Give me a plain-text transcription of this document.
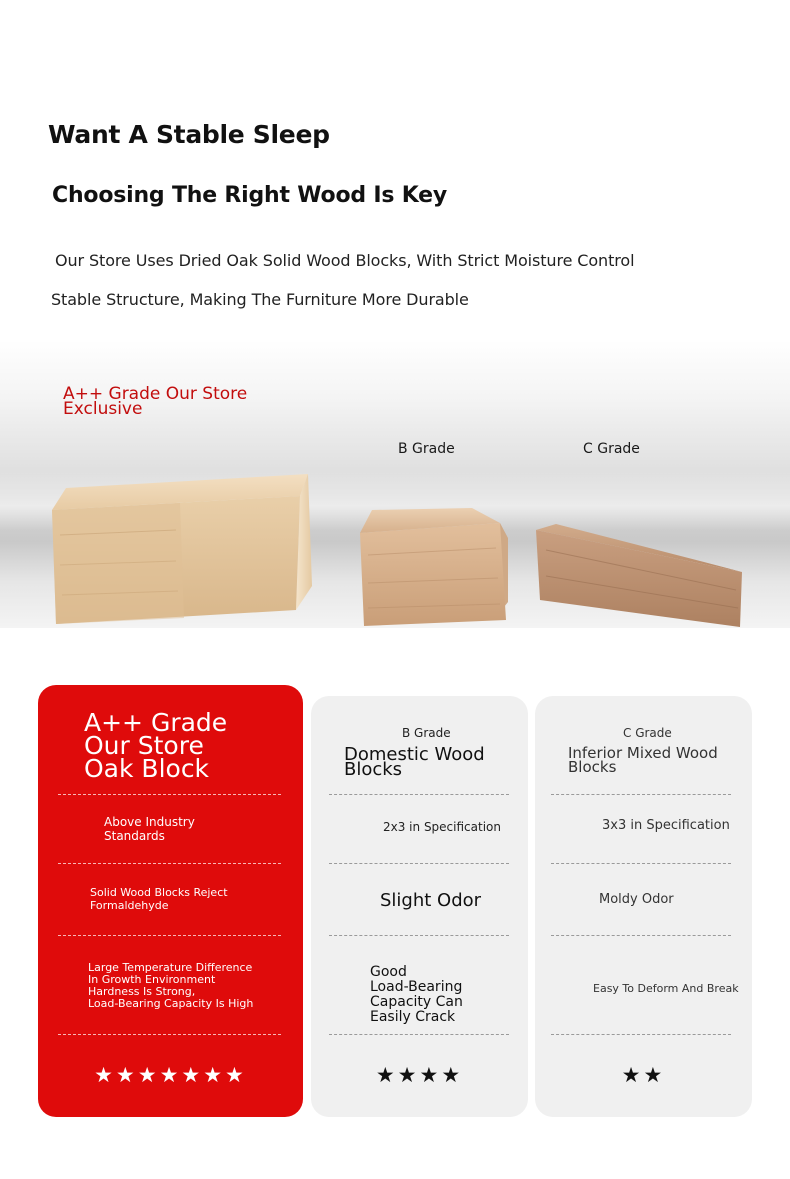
Want A Stable Sleep
Choosing The Right Wood Is Key
Our Store Uses Dried Oak Solid Wood Blocks, With Strict Moisture Control
Stable Structure, Making The Furniture More Durable
A++ Grade Our Store
Exclusive
B Grade	C Grade
A++ Grade
Our Store
Oak Block
Above Industry
Standards
Solid Wood Blocks Reject
Formaldehyde
Large Temperature Difference
In Growth Environment
Hardness Is Strong,
Load-Bearing Capacity Is High
★★★★★★★
B Grade
Domestic Wood
Blocks
2x3 in Specification
Slight Odor
Good
Load-Bearing
Capacity Can
Easily Crack
★★★★
C Grade
Inferior Mixed Wood
Blocks
3x3 in Specification
Moldy Odor
Easy To Deform And Break
★★
